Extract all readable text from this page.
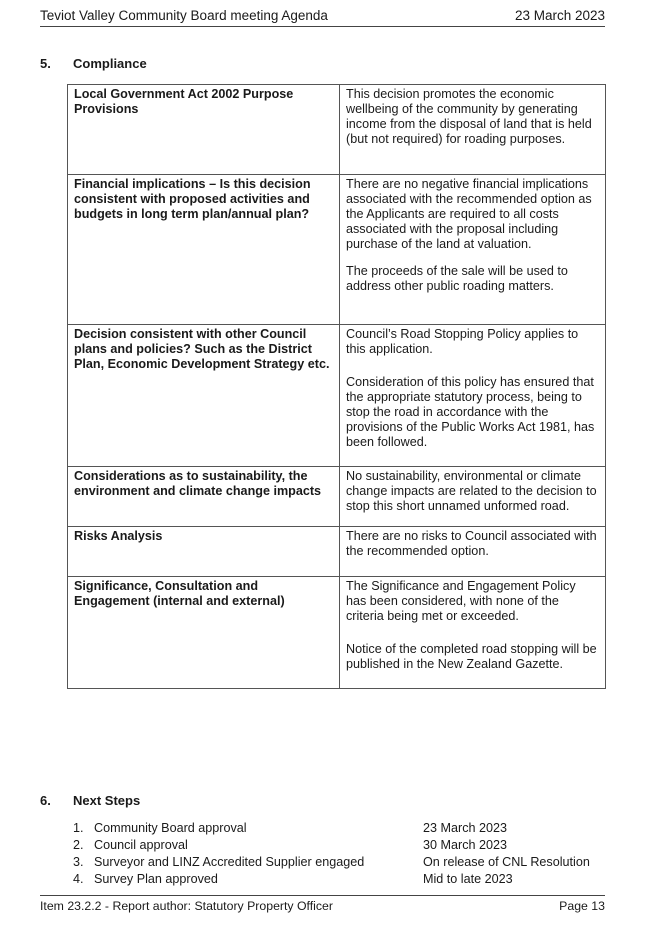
Teviot Valley Community Board meeting Agenda	23 March 2023
5. Compliance
Local Government Act 2002 Purpose Provisions	This decision promotes the economic wellbeing of the community by generating income from the disposal of land that is held (but not required) for roading purposes.

Financial implications – Is this decision consistent with proposed activities and budgets in long term plan/annual plan?	There are no negative financial implications associated with the recommended option as the Applicants are required to all costs associated with the proposal including purchase of the land at valuation.

The proceeds of the sale will be used to address other public roading matters.

Decision consistent with other Council plans and policies? Such as the District Plan, Economic Development Strategy etc.	Council’s Road Stopping Policy applies to this application.

Consideration of this policy has ensured that the appropriate statutory process, being to stop the road in accordance with the provisions of the Public Works Act 1981, has been followed.

Considerations as to sustainability, the environment and climate change impacts	No sustainability, environmental or climate change impacts are related to the decision to stop this short unnamed unformed road.

Risks Analysis	There are no risks to Council associated with the recommended option.

Significance, Consultation and Engagement (internal and external)	The Significance and Engagement Policy has been considered, with none of the criteria being met or exceeded.

Notice of the completed road stopping will be published in the New Zealand Gazette.

6. Next Steps
1. Community Board approval	23 March 2023
2. Council approval	30 March 2023
3. Surveyor and LINZ Accredited Supplier engaged	On release of CNL Resolution
4. Survey Plan approved	Mid to late 2023
Item 23.2.2 - Report author: Statutory Property Officer	Page 13
